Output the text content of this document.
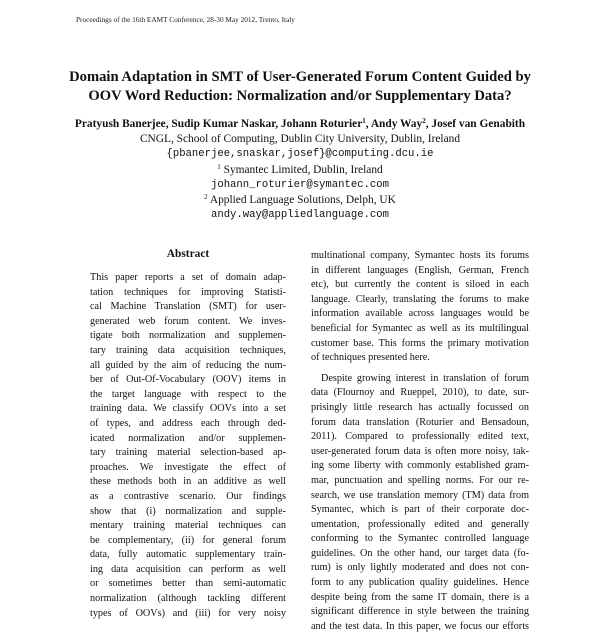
Proceedings of the 16th EAMT Conference, 28-30 May 2012, Trento, Italy
Domain Adaptation in SMT of User-Generated Forum Content Guided by
OOV Word Reduction: Normalization and/or Supplementary Data?
Pratyush Banerjee, Sudip Kumar Naskar, Johann Roturier$^1$, Andy Way$^2$, Josef van Genabith
CNGL, School of Computing, Dublin City University, Dublin, Ireland
{pbanerjee,snaskar,josef}@computing.dcu.ie
$^1$ Symantec Limited, Dublin, Ireland
johann_roturier@symantec.com
$^2$ Applied Language Solutions, Delph, UK
andy.way@appliedlanguage.com
Abstract
This paper reports a set of domain adap-
tation techniques for improving Statisti-
cal Machine Translation (SMT) for user-
generated web forum content. We inves-
tigate both normalization and supplemen-
tary training data acquisition techniques,
all guided by the aim of reducing the num-
ber of Out-Of-Vocabulary (OOV) items in
the target language with respect to the
training data. We classify OOVs into a set
of types, and address each through ded-
icated normalization and/or supplemen-
tary training material selection-based ap-
proaches. We investigate the effect of
these methods both in an additive as well
as a contrastive scenario. Our findings
show that (i) normalization and supple-
mentary training material techniques can
be complementary, (ii) for general forum
data, fully automatic supplementary train-
ing data acquisition can perform as well
or sometimes better than semi-automatic
normalization (although tackling different
types of OOVs) and (iii) for very noisy
multinational company, Symantec hosts its forums
in different languages (English, German, French
etc), but currently the content is siloed in each
language. Clearly, translating the forums to make
information available across languages would be
beneficial for Symantec as well as its multilingual
customer base. This forms the primary motivation
of techniques presented here.
Despite growing interest in translation of forum
data (Flournoy and Rueppel, 2010), to date, sur-
prisingly little research has actually focussed on
forum data translation (Roturier and Bensadoun,
2011). Compared to professionally edited text,
user-generated forum data is often more noisy, tak-
ing some liberty with commonly established gram-
mar, punctuation and spelling norms. For our re-
search, we use translation memory (TM) data from
Symantec, which is part of their corporate doc-
umentation, professionally edited and generally
conforming to the Symantec controlled language
guidelines. On the other hand, our target data (fo-
rum) is only lightly moderated and does not con-
form to any publication quality guidelines. Hence
despite being from the same IT domain, there is a
significant difference in style between the training
and the test data. In this paper, we focus our efforts
